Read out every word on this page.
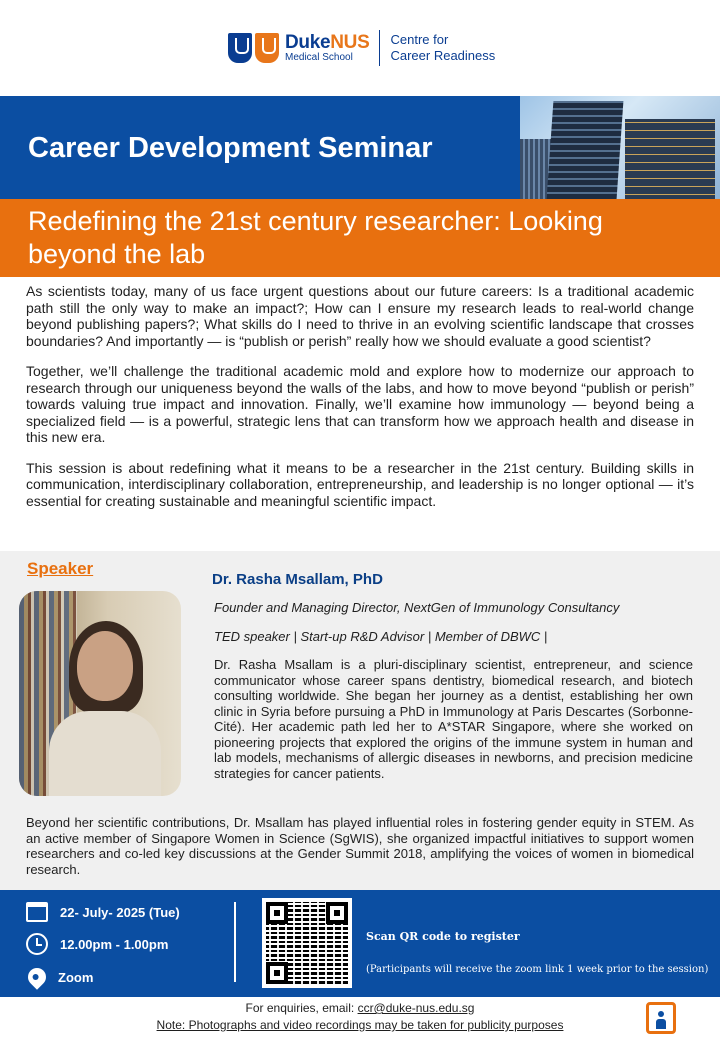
DukeNUS
Medical School
Centre for
Career Readiness
Career Development Seminar
Redefining the 21st century researcher: Looking beyond the lab

As scientists today, many of us face urgent questions about our future careers: Is a traditional academic path still the only way to make an impact?; How can I ensure my research leads to real-world change beyond publishing papers?; What skills do I need to thrive in an evolving scientific landscape that crosses boundaries? And importantly — is “publish or perish” really how we should evaluate a good scientist?

Together, we’ll challenge the traditional academic mold and explore how to modernize our approach to research through our uniqueness beyond the walls of the labs, and how to move beyond “publish or perish” towards valuing true impact and innovation. Finally, we’ll examine how immunology — beyond being a specialized field — is a powerful, strategic lens that can transform how we approach health and disease in this new era.

This session is about redefining what it means to be a researcher in the 21st century. Building skills in communication, interdisciplinary collaboration, entrepreneurship, and leadership is no longer optional — it’s essential for creating sustainable and meaningful scientific impact.

Speaker
Dr. Rasha Msallam, PhD
Founder and Managing Director, NextGen of Immunology Consultancy
TED speaker | Start-up R&D Advisor | Member of DBWC |
Dr. Rasha Msallam is a pluri-disciplinary scientist, entrepreneur, and science communicator whose career spans dentistry, biomedical research, and biotech consulting worldwide. She began her journey as a dentist, establishing her own clinic in Syria before pursuing a PhD in Immunology at Paris Descartes (Sorbonne-Cité). Her academic path led her to A*STAR Singapore, where she worked on pioneering projects that explored the origins of the immune system in human and lab models, mechanisms of allergic diseases in newborns, and precision medicine strategies for cancer patients.
Beyond her scientific contributions, Dr. Msallam has played influential roles in fostering gender equity in STEM. As an active member of Singapore Women in Science (SgWIS), she organized impactful initiatives to support women researchers and co-led key discussions at the Gender Summit 2018, amplifying the voices of women in biomedical research.
22- July- 2025 (Tue)
12.00pm - 1.00pm
Zoom
Scan QR code to register
(Participants will receive the zoom link 1 week prior to the session)
For enquiries, email: ccr@duke-nus.edu.sg
Note: Photographs and video recordings may be taken for publicity purposes
